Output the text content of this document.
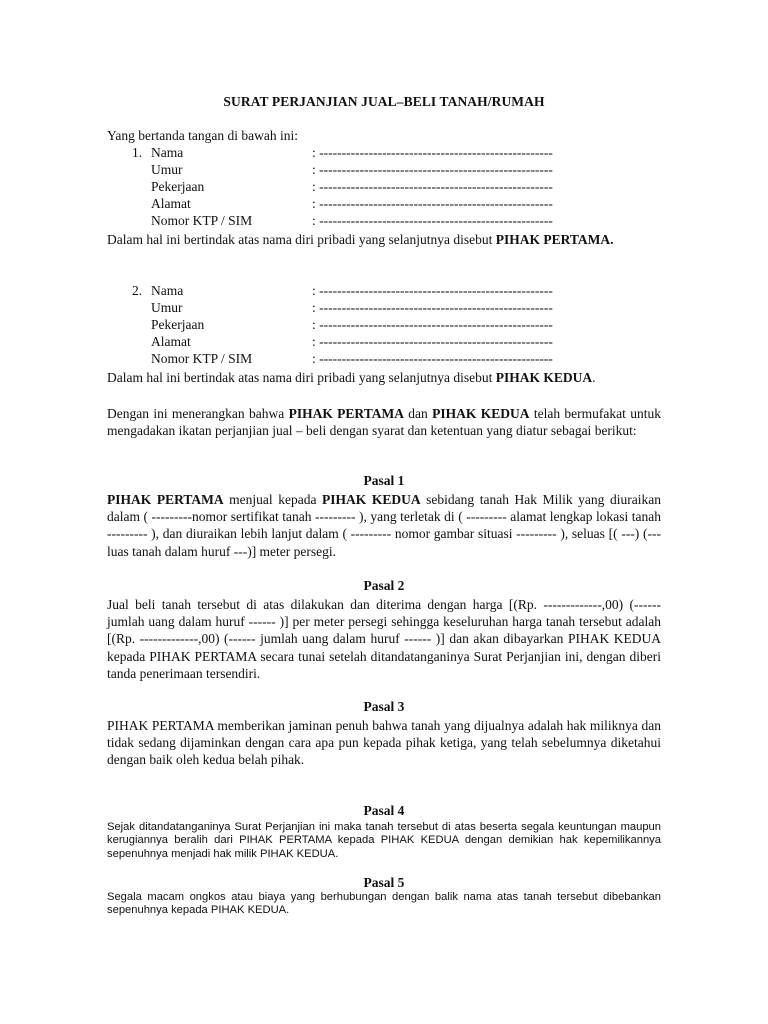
SURAT PERJANJIAN JUAL–BELI TANAH/RUMAH
Yang bertanda tangan di bawah ini:
1. Nama	: ----------------------------------------------------
Umur	: ----------------------------------------------------
Pekerjaan	: ----------------------------------------------------
Alamat	: ----------------------------------------------------
Nomor KTP / SIM	: ----------------------------------------------------
Dalam hal ini bertindak atas nama diri pribadi yang selanjutnya disebut PIHAK PERTAMA.
2. Nama	: ----------------------------------------------------
Umur	: ----------------------------------------------------
Pekerjaan	: ----------------------------------------------------
Alamat	: ----------------------------------------------------
Nomor KTP / SIM	: ----------------------------------------------------
Dalam hal ini bertindak atas nama diri pribadi yang selanjutnya disebut PIHAK KEDUA.
Dengan ini menerangkan bahwa PIHAK PERTAMA dan PIHAK KEDUA telah bermufakat untuk mengadakan ikatan perjanjian jual – beli dengan syarat dan ketentuan yang diatur sebagai berikut:
Pasal 1
PIHAK PERTAMA menjual kepada PIHAK KEDUA sebidang tanah Hak Milik yang diuraikan dalam ( ---------nomor sertifikat tanah --------- ), yang terletak di ( --------- alamat lengkap lokasi tanah --------- ), dan diuraikan lebih lanjut dalam ( --------- nomor gambar situasi --------- ), seluas [( ---) (---luas tanah dalam huruf ---)] meter persegi.
Pasal 2
Jual beli tanah tersebut di atas dilakukan dan diterima dengan harga [(Rp. -------------,00) (------ jumlah uang dalam huruf ------ )] per meter persegi sehingga keseluruhan harga tanah tersebut adalah [(Rp. -------------,00) (------ jumlah uang dalam huruf ------ )] dan akan dibayarkan PIHAK KEDUA kepada PIHAK PERTAMA secara tunai setelah ditandatanganinya Surat Perjanjian ini, dengan diberi tanda penerimaan tersendiri.
Pasal 3
PIHAK PERTAMA memberikan jaminan penuh bahwa tanah yang dijualnya adalah hak miliknya dan tidak sedang dijaminkan dengan cara apa pun kepada pihak ketiga, yang telah sebelumnya diketahui dengan baik oleh kedua belah pihak.
Pasal 4
Sejak ditandatanganinya Surat Perjanjian ini maka tanah tersebut di atas beserta segala keuntungan maupun kerugiannya beralih dari PIHAK PERTAMA kepada PIHAK KEDUA dengan demikian hak kepemilikannya sepenuhnya menjadi hak milik PIHAK KEDUA.
Pasal 5
Segala macam ongkos atau biaya yang berhubungan dengan balik nama atas tanah tersebut dibebankan sepenuhnya kepada PIHAK KEDUA.
